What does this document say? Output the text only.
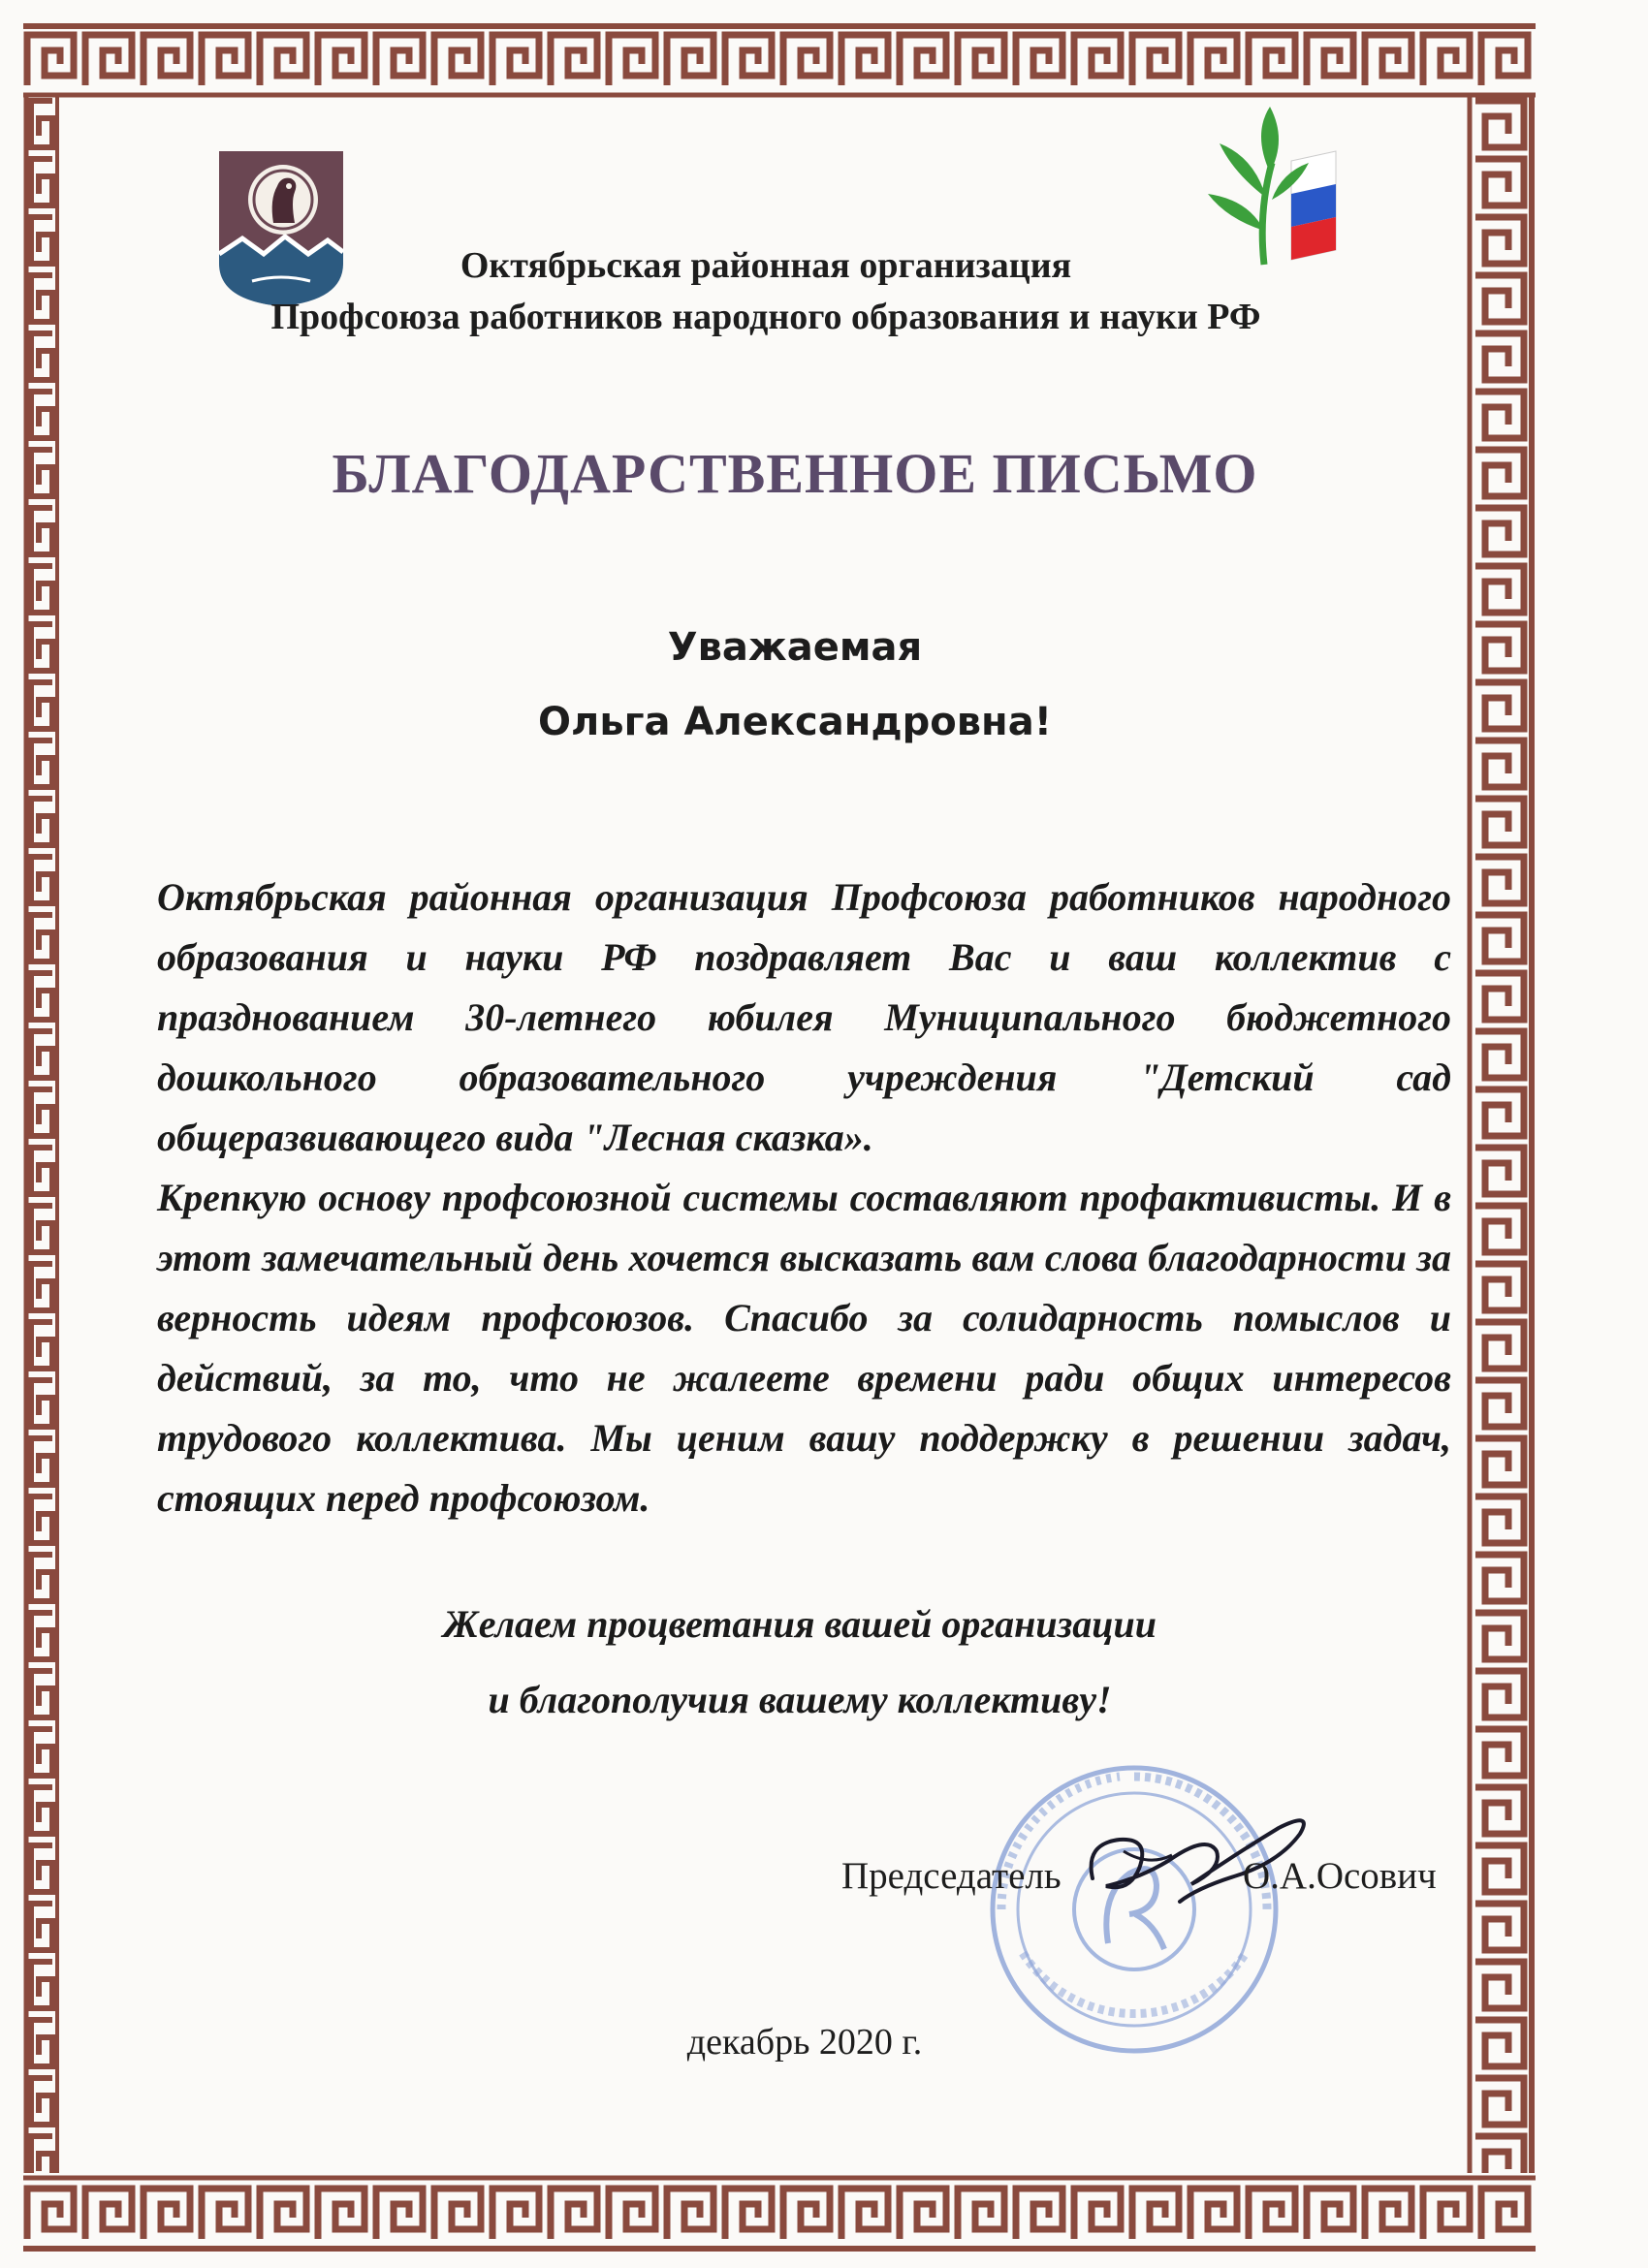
Октябрьская районная организация
Профсоюза работников народного образования и науки РФ
БЛАГОДАРСТВЕННОЕ ПИСЬМО
Уважаемая
Ольга Александровна!
Октябрьская районная организация Профсоюза работников народного образования и науки РФ поздравляет Вас и ваш коллектив с празднованием 30-летнего юбилея Муниципального бюджетного дошкольного образовательного учреждения "Детский сад общеразвивающего вида "Лесная сказка».
Крепкую основу профсоюзной системы составляют профактивисты. И в этот замечательный день хочется высказать вам слова благодарности за верность идеям профсоюзов. Спасибо за солидарность помыслов и действий, за то, что не жалеете времени ради общих интересов трудового коллектива. Мы ценим вашу поддержку в решении задач, стоящих перед профсоюзом.
Желаем процветания вашей организации
и благополучия вашему коллективу!
Председатель	О.А.Осович
декабрь 2020 г.
